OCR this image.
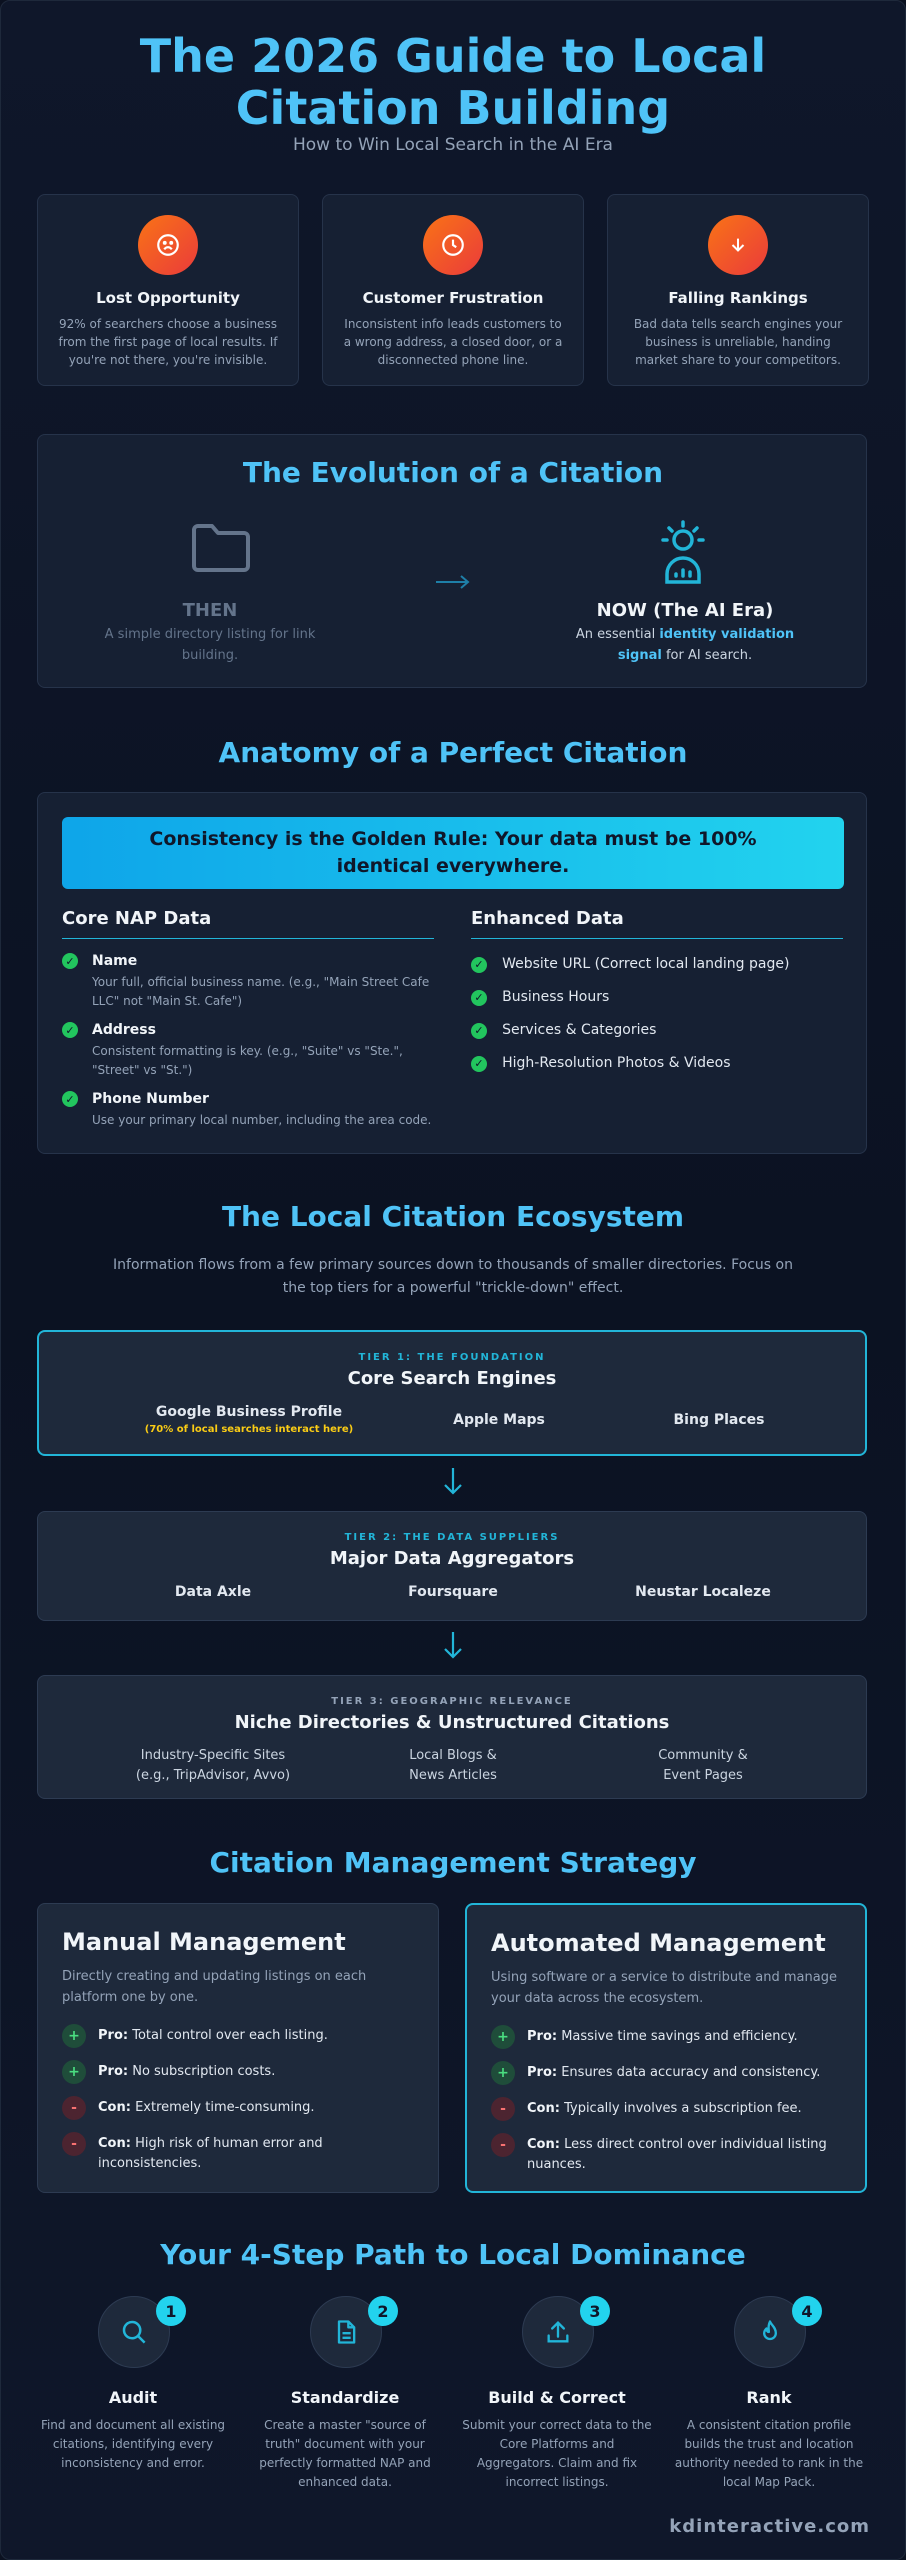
The 2026 Guide to Local
Citation Building
How to Win Local Search in the AI Era
Lost Opportunity
92% of searchers choose a business from the first page of local results. If you're not there, you're invisible.
Customer Frustration
Inconsistent info leads customers to a wrong address, a closed door, or a disconnected phone line.
Falling Rankings
Bad data tells search engines your business is unreliable, handing market share to your competitors.
The Evolution of a Citation
THEN
A simple directory listing for link building.
NOW (The AI Era)
An essential identity validation signal for AI search.
Anatomy of a Perfect Citation
Consistency is the Golden Rule: Your data must be 100% identical everywhere.
Core NAP Data
✓ Name
Your full, official business name. (e.g., "Main Street Cafe LLC" not "Main St. Cafe")
✓ Address
Consistent formatting is key. (e.g., "Suite" vs "Ste.", "Street" vs "St.")
✓ Phone Number
Use your primary local number, including the area code.
Enhanced Data
✓ Website URL (Correct local landing page)
✓ Business Hours
✓ Services & Categories
✓ High-Resolution Photos & Videos
The Local Citation Ecosystem
Information flows from a few primary sources down to thousands of smaller directories. Focus on the top tiers for a powerful "trickle-down" effect.
TIER 1: THE FOUNDATION
Core Search Engines
Google Business Profile
(70% of local searches interact here)
Apple Maps	Bing Places
TIER 2: THE DATA SUPPLIERS
Major Data Aggregators
Data Axle	Foursquare	Neustar Localeze
TIER 3: GEOGRAPHIC RELEVANCE
Niche Directories & Unstructured Citations
Industry-Specific Sites
(e.g., TripAdvisor, Avvo)
Local Blogs &
News Articles
Community &
Event Pages
Citation Management Strategy
Manual Management
Directly creating and updating listings on each platform one by one.
+	Pro: Total control over each listing.
+	Pro: No subscription costs.
-	Con: Extremely time-consuming.
-	Con: High risk of human error and inconsistencies.
Automated Management
Using software or a service to distribute and manage your data across the ecosystem.
+	Pro: Massive time savings and efficiency.
+	Pro: Ensures data accuracy and consistency.
-	Con: Typically involves a subscription fee.
-	Con: Less direct control over individual listing nuances.
Your 4-Step Path to Local Dominance
1
Audit
Find and document all existing citations, identifying every inconsistency and error.
2
Standardize
Create a master "source of truth" document with your perfectly formatted NAP and enhanced data.
3
Build & Correct
Submit your correct data to the Core Platforms and Aggregators. Claim and fix incorrect listings.
4
Rank
A consistent citation profile builds the trust and location authority needed to rank in the local Map Pack.
kdinteractive.com
